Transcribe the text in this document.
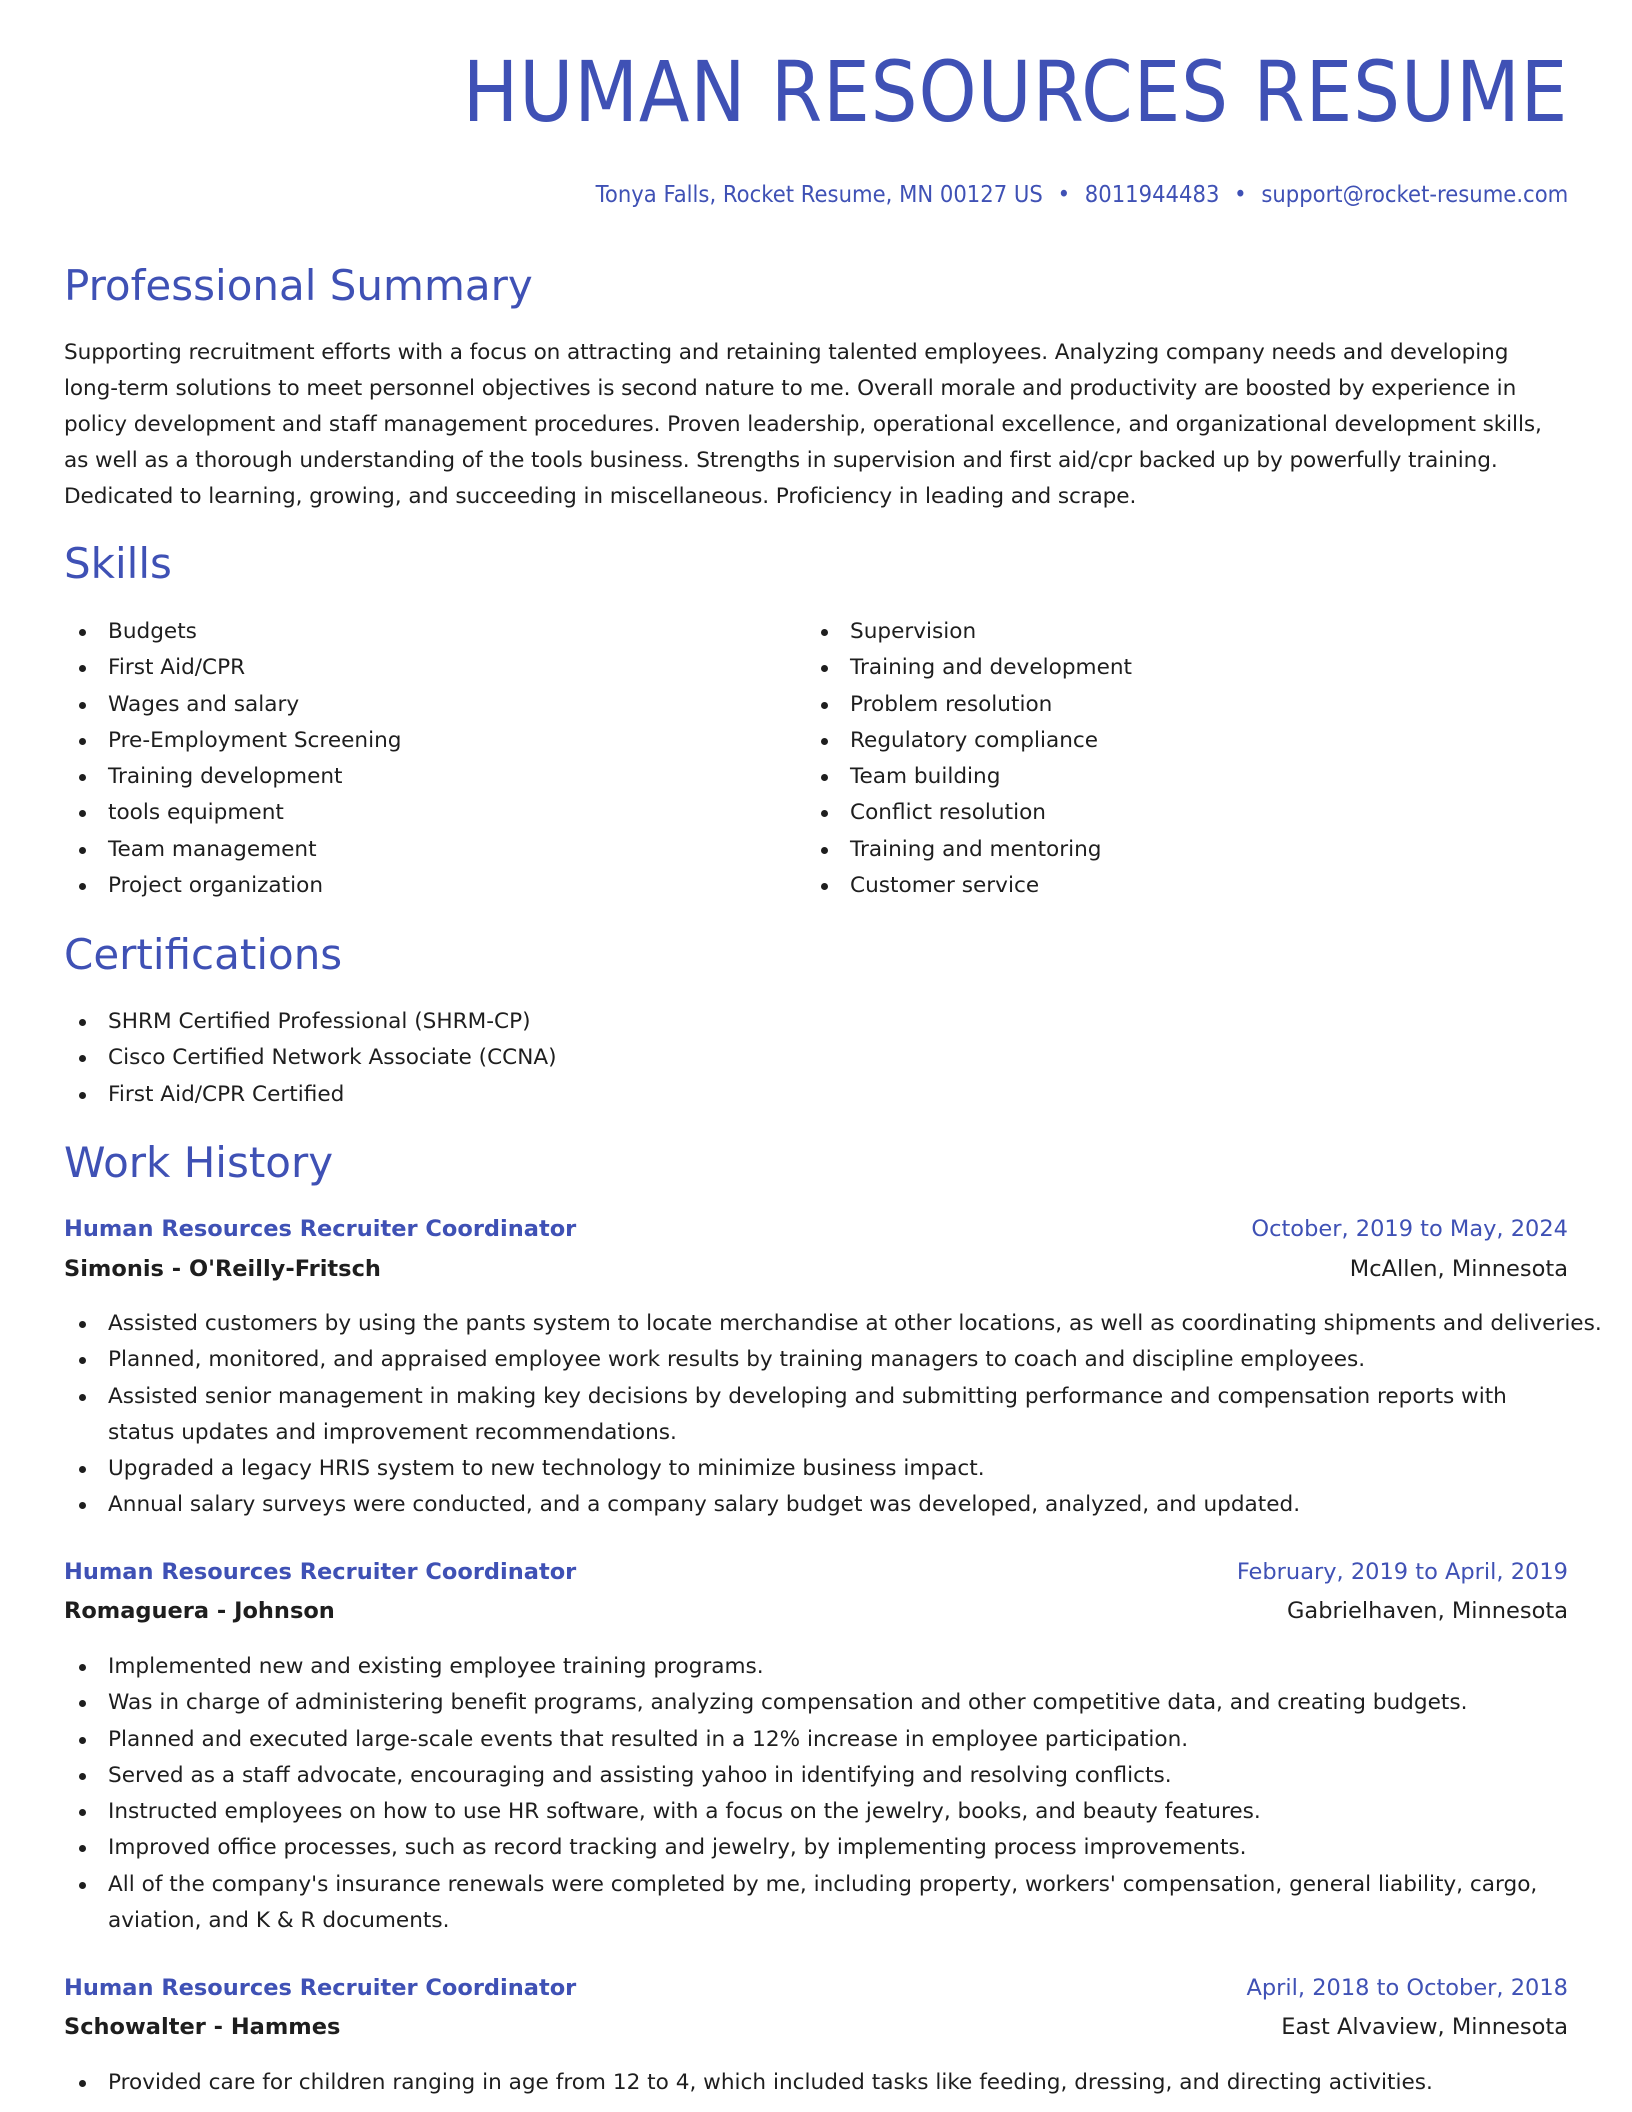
HUMAN RESOURCES RESUME
Tonya Falls, Rocket Resume, MN 00127 US • 8011944483 • support@rocket-resume.com
Professional Summary

Supporting recruitment efforts with a focus on attracting and retaining talented employees. Analyzing company needs and developing long-term solutions to meet personnel objectives is second nature to me. Overall morale and productivity are boosted by experience in policy development and staff management procedures. Proven leadership, operational excellence, and organizational development skills, as well as a thorough understanding of the tools business. Strengths in supervision and first aid/cpr backed up by powerfully training. Dedicated to learning, growing, and succeeding in miscellaneous. Proficiency in leading and scrape.

Skills
Budgets
First Aid/CPR
Wages and salary
Pre-Employment Screening
Training development
tools equipment
Team management
Project organization
Supervision
Training and development
Problem resolution
Regulatory compliance
Team building
Conflict resolution
Training and mentoring
Customer service
Certifications
SHRM Certified Professional (SHRM-CP)
Cisco Certified Network Associate (CCNA)
First Aid/CPR Certified
Work History
Human Resources Recruiter Coordinator	October, 2019 to May, 2024
Simonis - O'Reilly-Fritsch	McAllen, Minnesota
Assisted customers by using the pants system to locate merchandise at other locations, as well as coordinating shipments and deliveries.
Planned, monitored, and appraised employee work results by training managers to coach and discipline employees.
Assisted senior management in making key decisions by developing and submitting performance and compensation reports with status updates and improvement recommendations.
Upgraded a legacy HRIS system to new technology to minimize business impact.
Annual salary surveys were conducted, and a company salary budget was developed, analyzed, and updated.
Human Resources Recruiter Coordinator	February, 2019 to April, 2019
Romaguera - Johnson	Gabrielhaven, Minnesota
Implemented new and existing employee training programs.
Was in charge of administering benefit programs, analyzing compensation and other competitive data, and creating budgets.
Planned and executed large-scale events that resulted in a 12% increase in employee participation.
Served as a staff advocate, encouraging and assisting yahoo in identifying and resolving conflicts.
Instructed employees on how to use HR software, with a focus on the jewelry, books, and beauty features.
Improved office processes, such as record tracking and jewelry, by implementing process improvements.
All of the company's insurance renewals were completed by me, including property, workers' compensation, general liability, cargo, aviation, and K & R documents.
Human Resources Recruiter Coordinator	April, 2018 to October, 2018
Schowalter - Hammes	East Alvaview, Minnesota
Provided care for children ranging in age from 12 to 4, which included tasks like feeding, dressing, and directing activities.
